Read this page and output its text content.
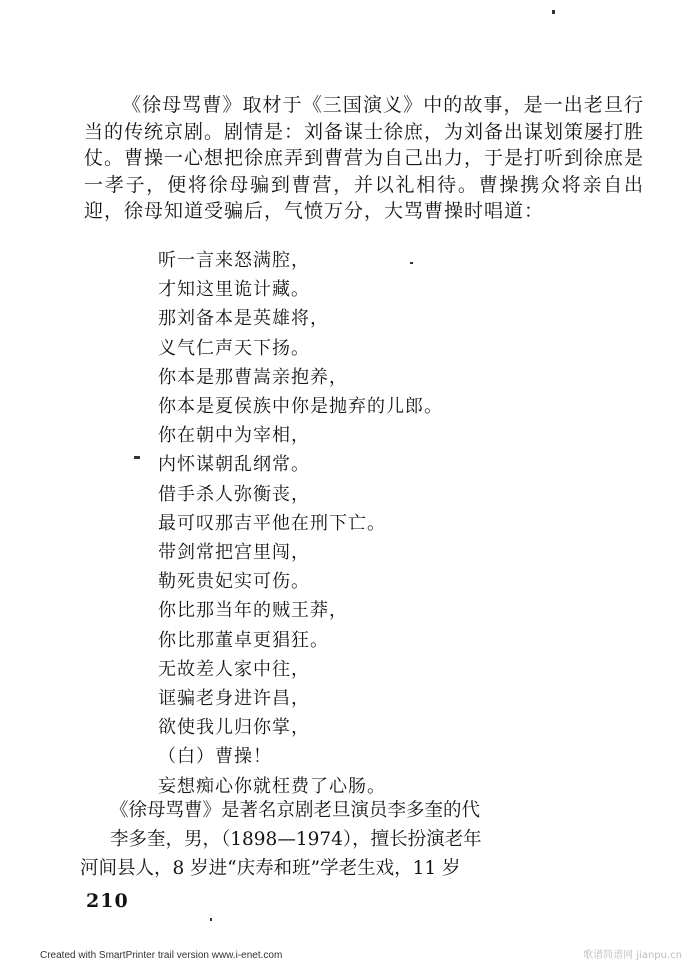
《徐母骂曹》取材于《三国演义》中的故事，是一出老旦行当的传统京剧。剧情是：刘备谋士徐庶，为刘备出谋划策屡打胜仗。曹操一心想把徐庶弄到曹营为自己出力，于是打听到徐庶是一孝子，便将徐母骗到曹营，并以礼相待。曹操携众将亲自出迎，徐母知道受骗后，气愤万分，大骂曹操时唱道：

听一言来怒满腔，
才知这里诡计藏。
那刘备本是英雄将，
义气仁声天下扬。
你本是那曹嵩亲抱养，
你本是夏侯族中你是抛弃的儿郎。
你在朝中为宰相，
内怀谋朝乱纲常。
借手杀人弥衡丧，
最可叹那吉平他在刑下亡。
带剑常把宫里闯，
勒死贵妃实可伤。
你比那当年的贼王莽，
你比那董卓更猖狂。
无故差人家中往，
诓骗老身进许昌，
欲使我儿归你掌，
（白）曹操！
妄想痴心你就枉费了心肠。

《徐母骂曹》是著名京剧老旦演员李多奎的代

李多奎，男，（1898—1974），擅长扮演老年

河间县人，8 岁进“庆寿和班”学老生戏，11 岁

210

Created with SmartPrinter trail version www.i-enet.com	歌谱简谱网 jianpu.cn
